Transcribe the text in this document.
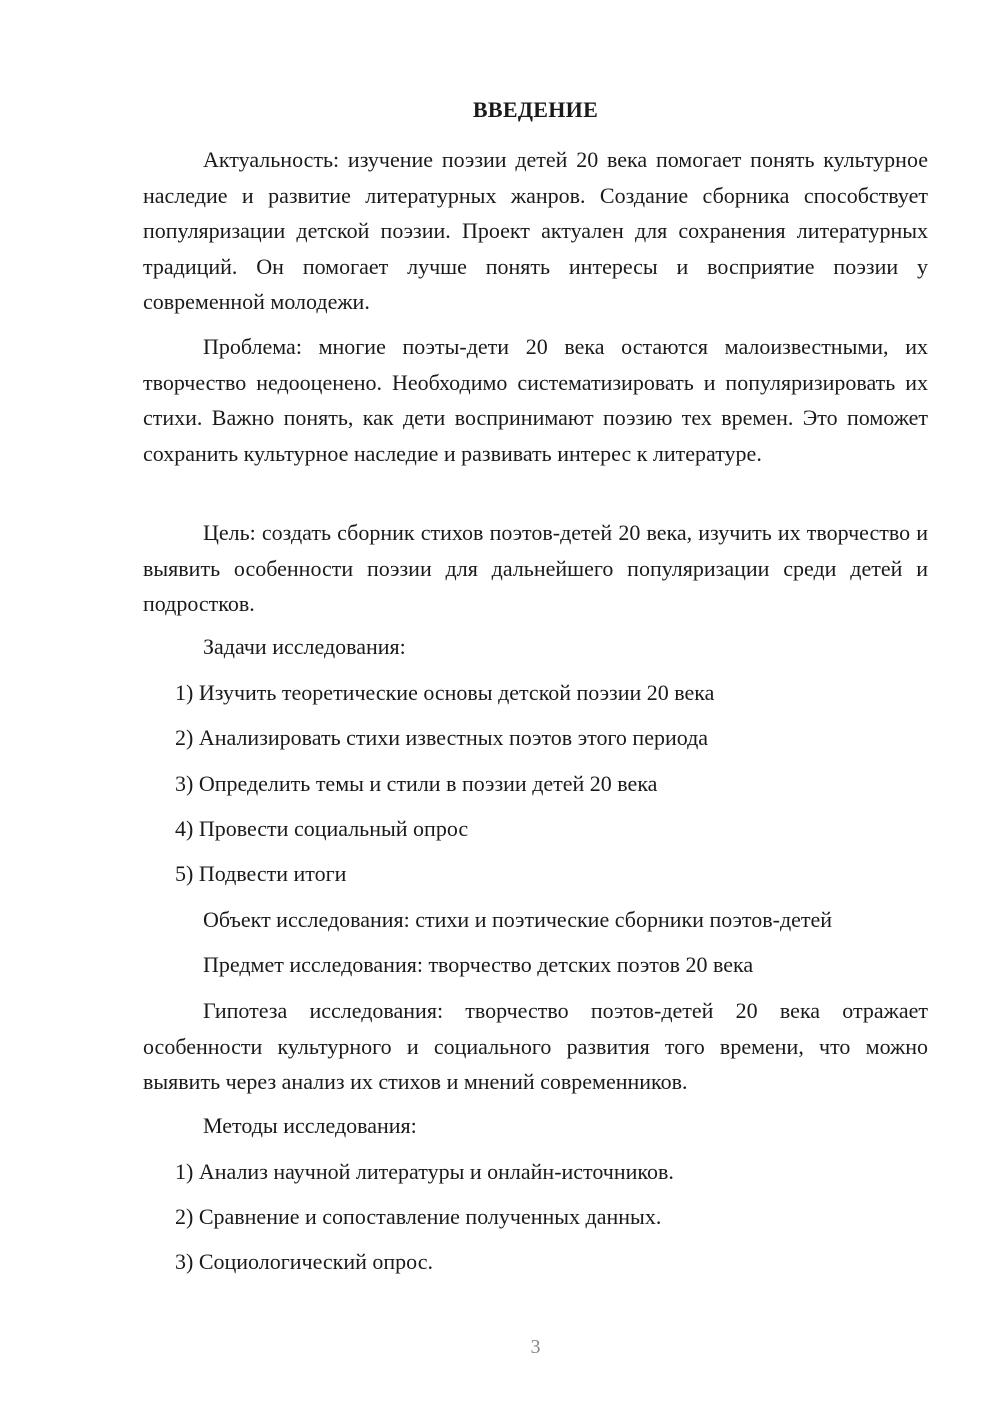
ВВЕДЕНИЕ

Актуальность: изучение поэзии детей 20 века помогает понять культурное наследие и развитие литературных жанров. Создание сборника способствует популяризации детской поэзии. Проект актуален для сохранения литературных традиций. Он помогает лучше понять интересы и восприятие поэзии у современной молодежи.

Проблема: многие поэты-дети 20 века остаются малоизвестными, их творчество недооценено. Необходимо систематизировать и популяризировать их стихи. Важно понять, как дети воспринимают поэзию тех времен. Это поможет сохранить культурное наследие и развивать интерес к литературе.

Цель: создать сборник стихов поэтов-детей 20 века, изучить их творчество и выявить особенности поэзии для дальнейшего популяризации среди детей и подростков.

Задачи исследования:

1) Изучить теоретические основы детской поэзии 20 века

2) Анализировать стихи известных поэтов этого периода

3) Определить темы и стили в поэзии детей 20 века

4) Провести социальный опрос

5) Подвести итоги

Объект исследования: стихи и поэтические сборники поэтов-детей

Предмет исследования: творчество детских поэтов 20 века

Гипотеза исследования: творчество поэтов-детей 20 века отражает особенности культурного и социального развития того времени, что можно выявить через анализ их стихов и мнений современников.

Методы исследования:

1) Анализ научной литературы и онлайн-источников.

2) Сравнение и сопоставление полученных данных.

3) Социологический опрос.

3
